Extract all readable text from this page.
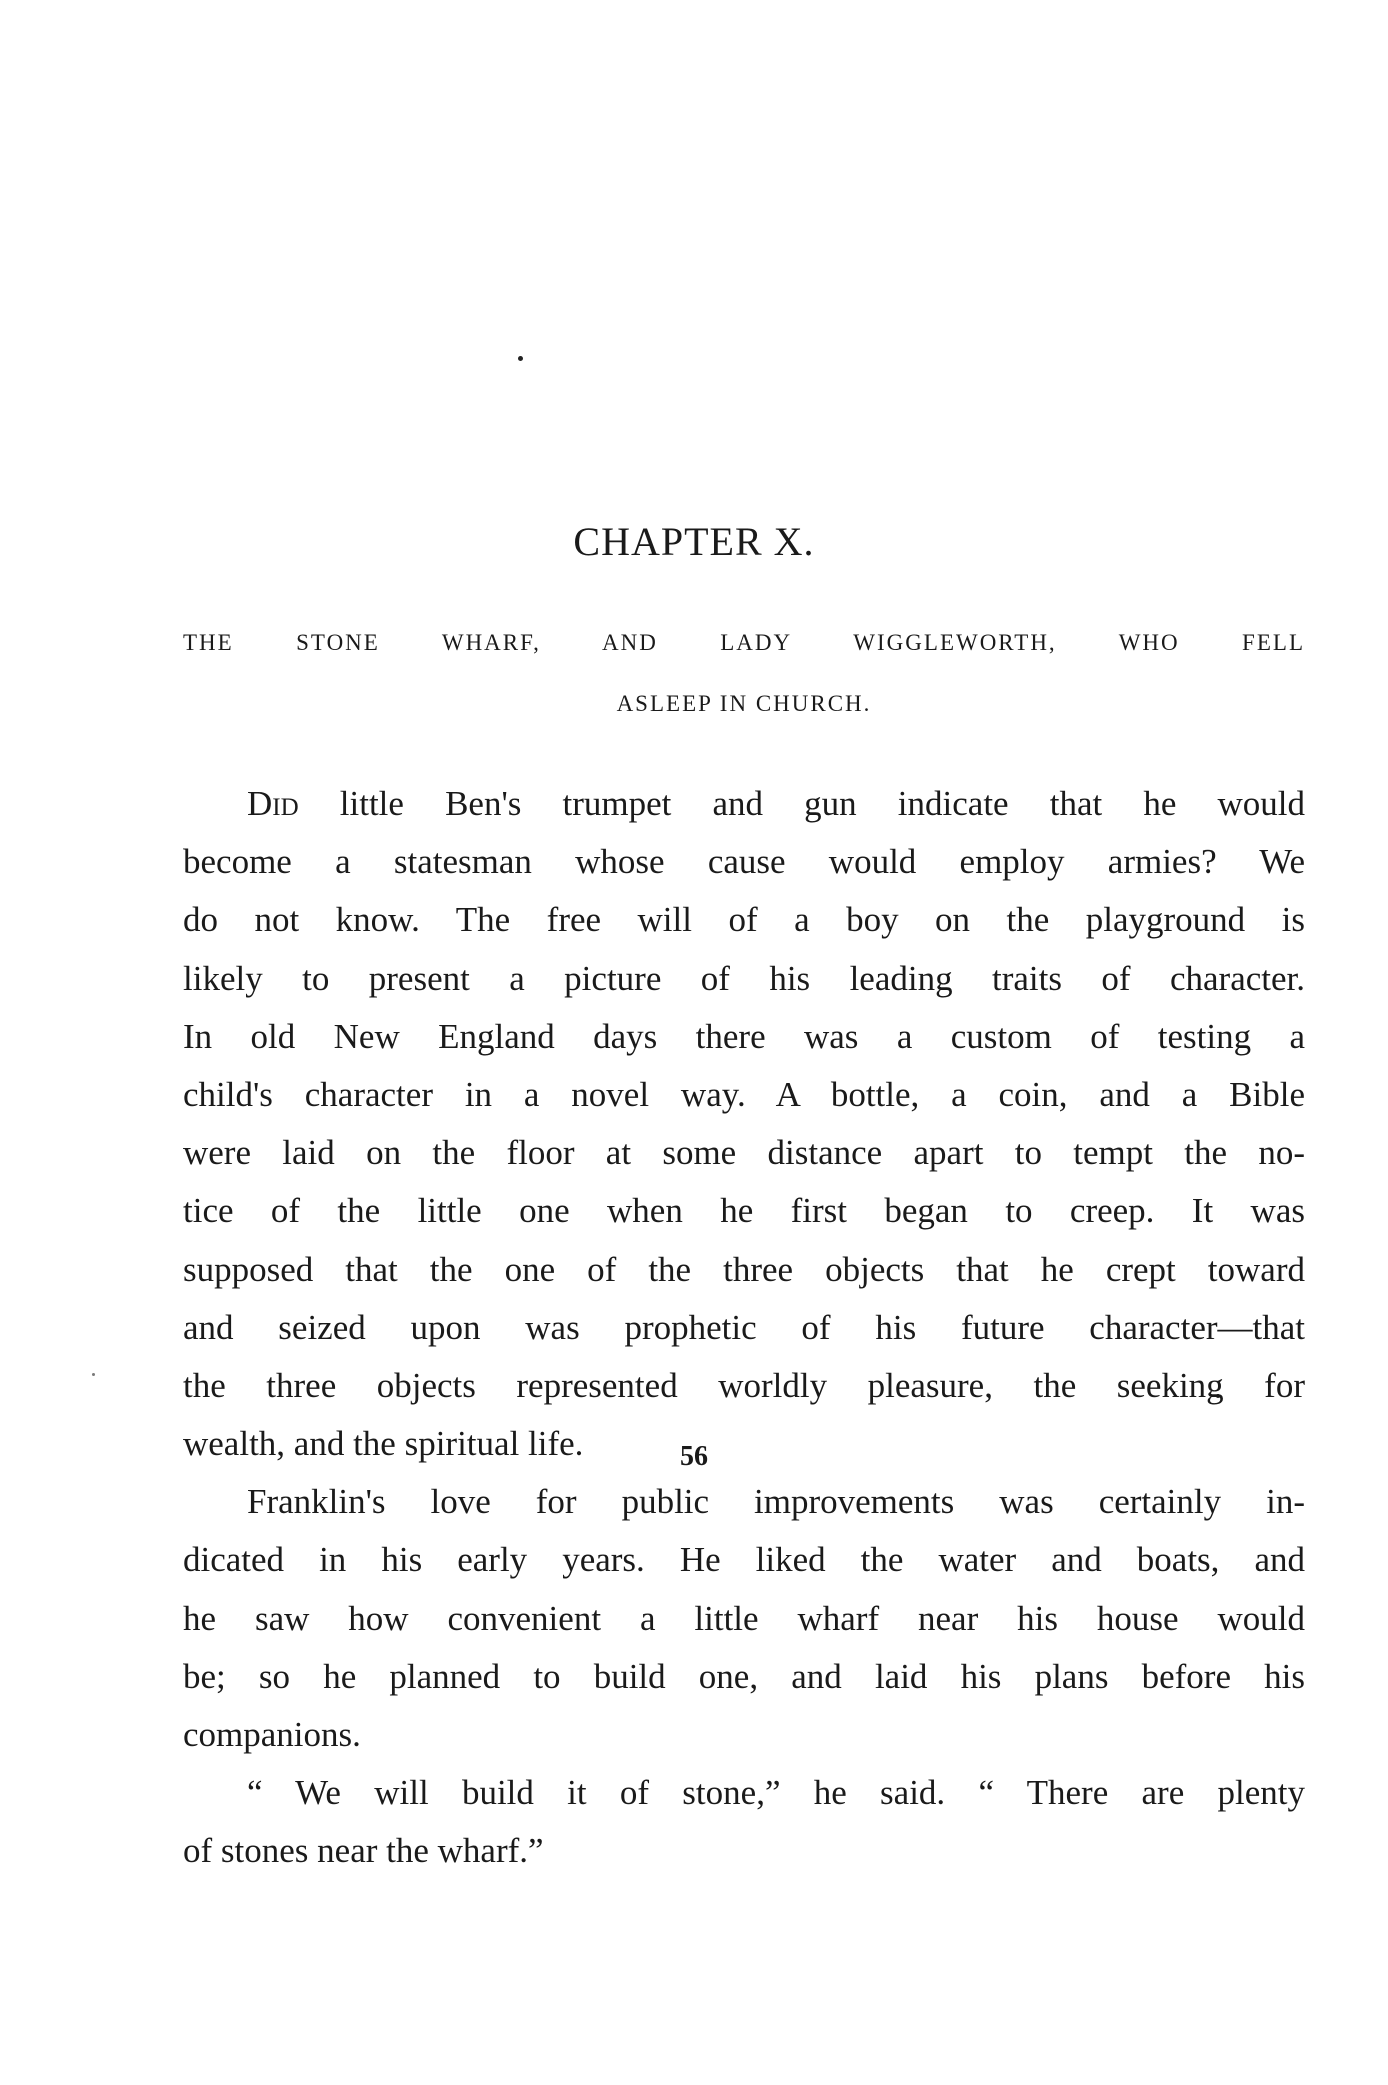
CHAPTER X.
THE STONE WHARF, AND LADY WIGGLEWORTH, WHO FELL
ASLEEP IN CHURCH.
Did little Ben's trumpet and gun indicate that he would
become a statesman whose cause would employ armies? We
do not know. The free will of a boy on the playground is
likely to present a picture of his leading traits of character.
In old New England days there was a custom of testing a
child's character in a novel way. A bottle, a coin, and a Bible
were laid on the floor at some distance apart to tempt the no-
tice of the little one when he first began to creep. It was
supposed that the one of the three objects that he crept toward
and seized upon was prophetic of his future character—that
the three objects represented worldly pleasure, the seeking for
wealth, and the spiritual life.
Franklin's love for public improvements was certainly in-
dicated in his early years. He liked the water and boats, and
he saw how convenient a little wharf near his house would
be; so he planned to build one, and laid his plans before his
companions.
“ We will build it of stone,” he said. “ There are plenty
of stones near the wharf.”
56
